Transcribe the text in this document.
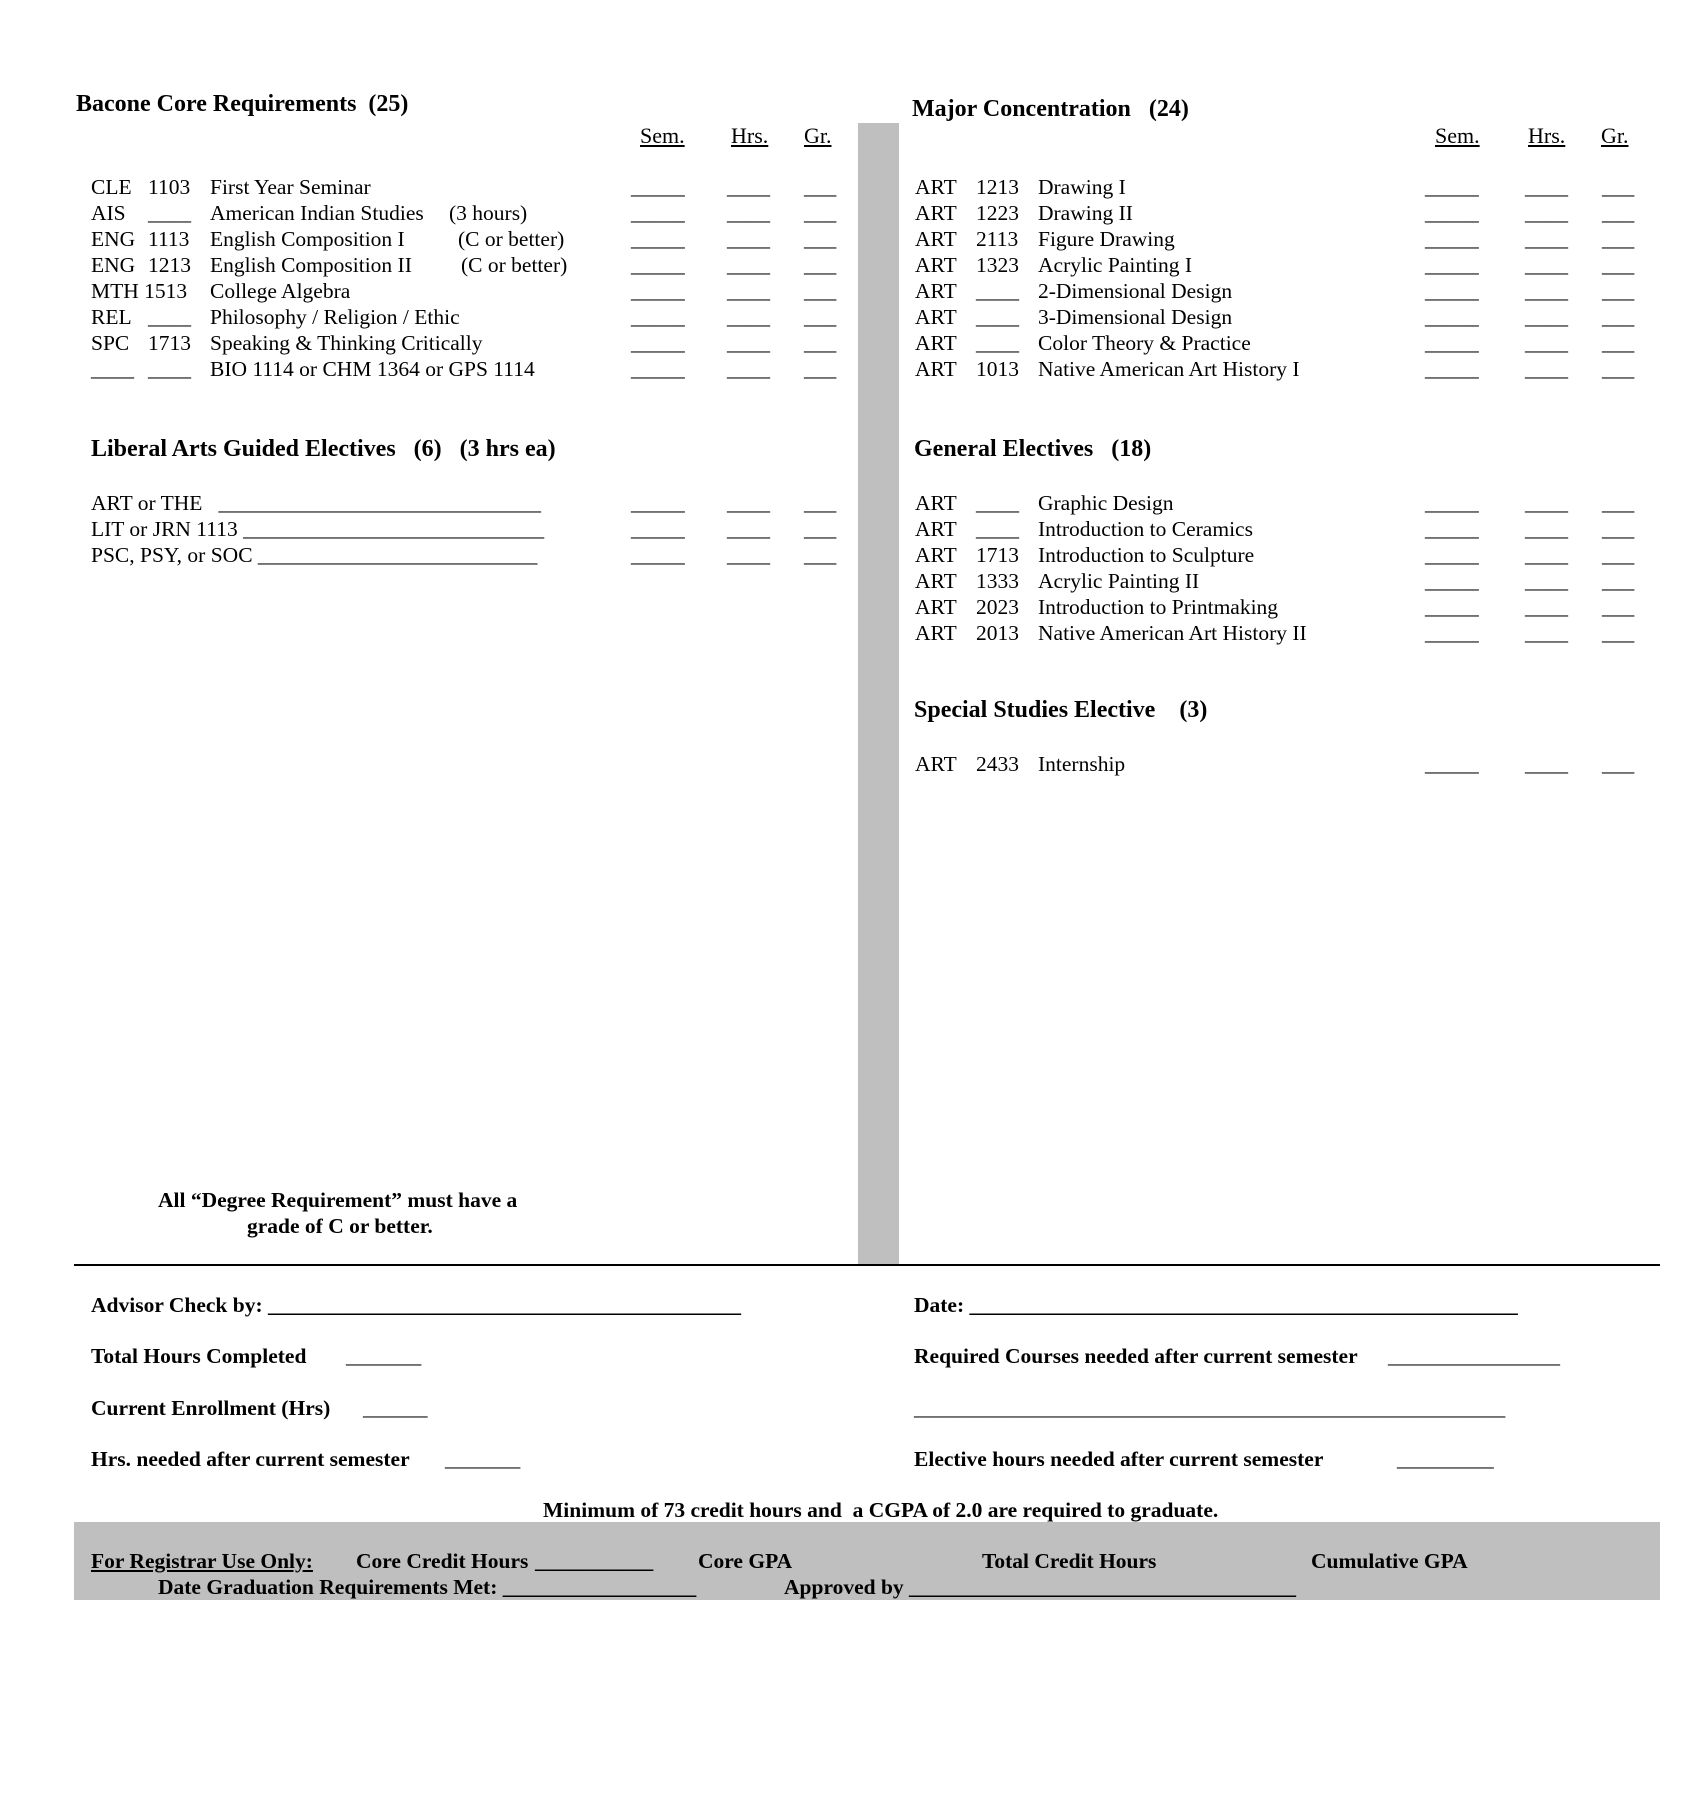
Bacone Core Requirements  (25)
Sem. Hrs. Gr.
CLE 1103 First Year Seminar	_____ ____ ___
AIS ____ American Indian Studies (3 hours)	_____ ____ ___
ENG 1113 English Composition I (C or better)	_____ ____ ___
ENG 1213 English Composition II (C or better)	_____ ____ ___
MTH 1513 College Algebra	_____ ____ ___
REL ____ Philosophy / Religion / Ethic	_____ ____ ___
SPC 1713 Speaking & Thinking Critically	_____ ____ ___
____ ____ BIO 1114 or CHM 1364 or GPS 1114	_____ ____ ___
Liberal Arts Guided Electives   (6)   (3 hrs ea)
ART or THE   ______________________________	_____ ____ ___
LIT or JRN 1113 ____________________________	_____ ____ ___
PSC, PSY, or SOC __________________________	_____ ____ ___
All “Degree Requirement” must have a
grade of C or better.
Major Concentration   (24)
Sem. Hrs. Gr.
ART 1213 Drawing I	_____ ____ ___
ART 1223 Drawing II	_____ ____ ___
ART 2113 Figure Drawing	_____ ____ ___
ART 1323 Acrylic Painting I	_____ ____ ___
ART ____ 2-Dimensional Design	_____ ____ ___
ART ____ 3-Dimensional Design	_____ ____ ___
ART ____ Color Theory & Practice	_____ ____ ___
ART 1013 Native American Art History I	_____ ____ ___
General Electives   (18)
ART ____ Graphic Design	_____ ____ ___
ART ____ Introduction to Ceramics	_____ ____ ___
ART 1713 Introduction to Sculpture	_____ ____ ___
ART 1333 Acrylic Painting II	_____ ____ ___
ART 2023 Introduction to Printmaking	_____ ____ ___
ART 2013 Native American Art History II	_____ ____ ___
Special Studies Elective    (3)
ART 2433 Internship	_____ ____ ___
Advisor Check by: ____________________________________________	Date: ___________________________________________________
Total Hours Completed _______	Required Courses needed after current semester ________________
Current Enrollment (Hrs) ______	_______________________________________________________
Hrs. needed after current semester _______	Elective hours needed after current semester	_________
Minimum of 73 credit hours and  a CGPA of 2.0 are required to graduate.
For Registrar Use Only: Core Credit Hours ___________ Core GPA	Total Credit Hours	Cumulative GPA
Date Graduation Requirements Met: __________________	Approved by ____________________________________
